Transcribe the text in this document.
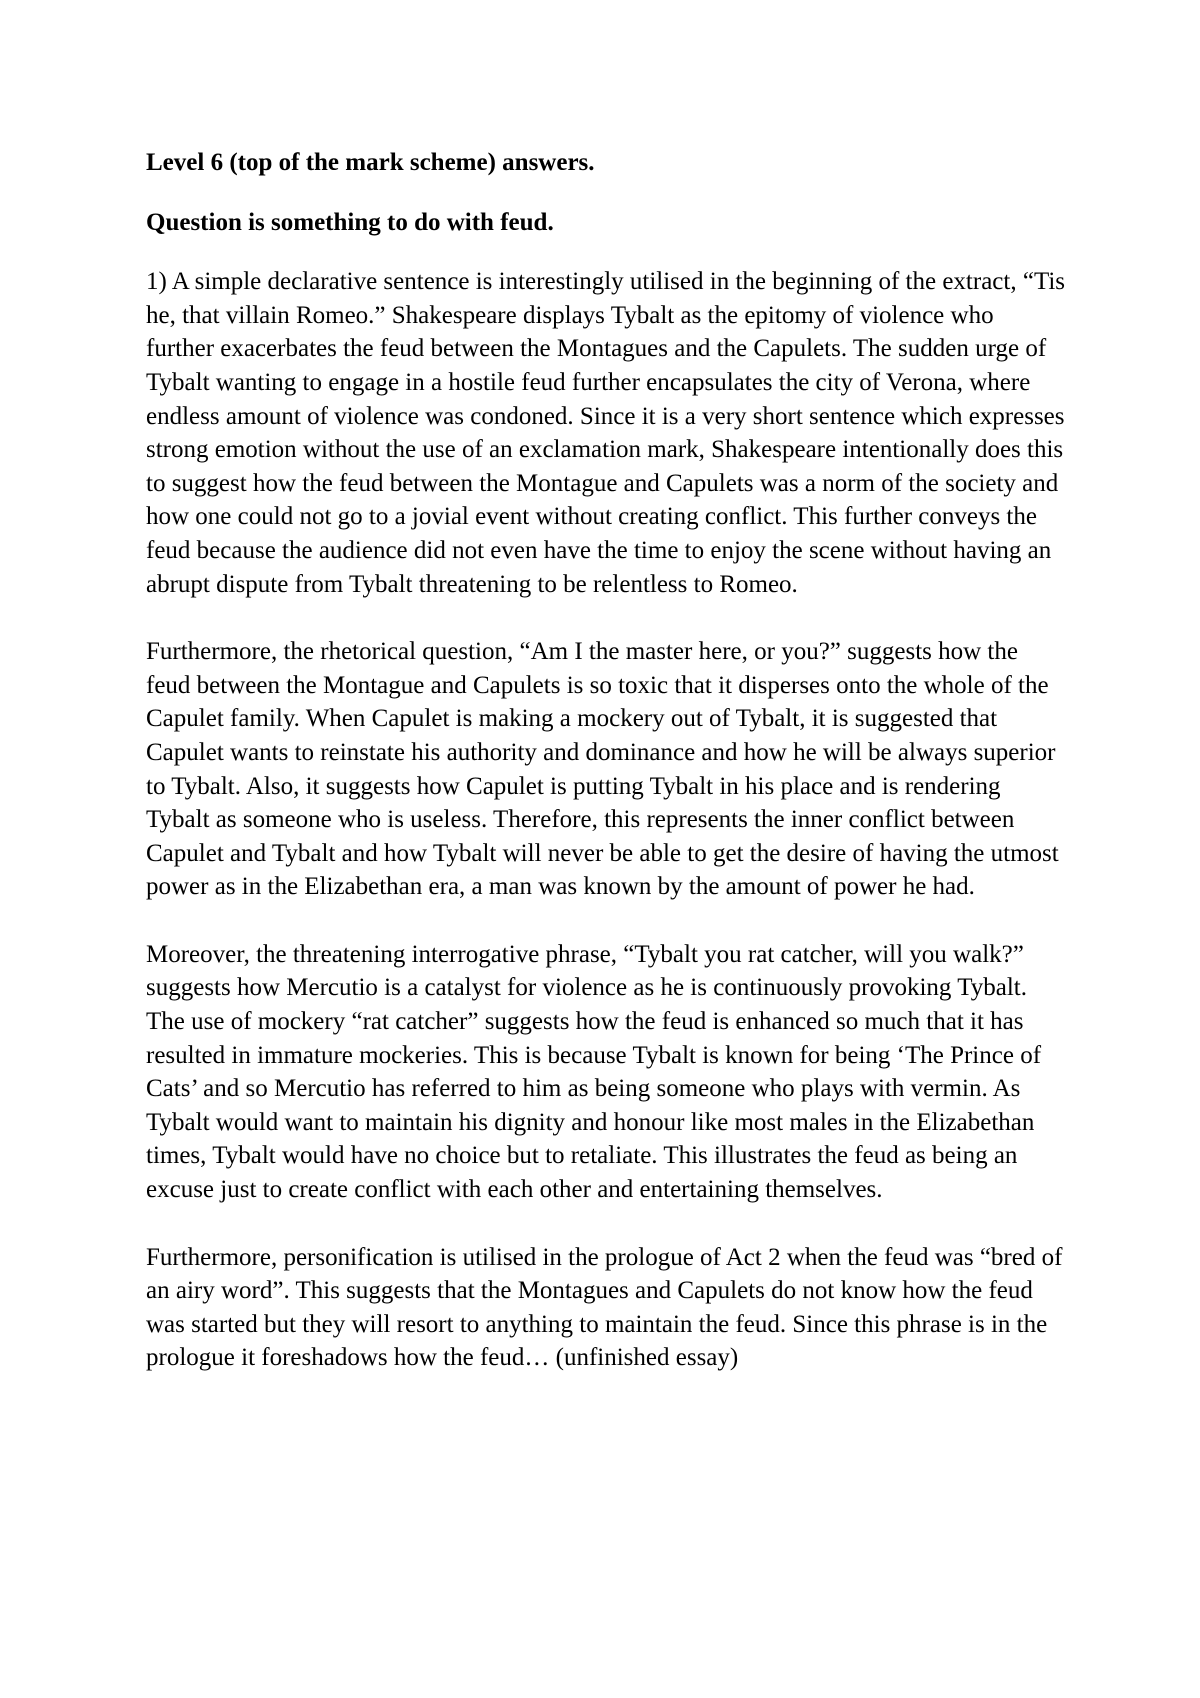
Level 6 (top of the mark scheme) answers.

Question is something to do with feud.

1) A simple declarative sentence is interestingly utilised in the beginning of the extract, “Tis he, that villain Romeo.” Shakespeare displays Tybalt as the epitomy of violence who further exacerbates the feud between the Montagues and the Capulets. The sudden urge of Tybalt wanting to engage in a hostile feud further encapsulates the city of Verona, where endless amount of violence was condoned. Since it is a very short sentence which expresses strong emotion without the use of an exclamation mark, Shakespeare intentionally does this to suggest how the feud between the Montague and Capulets was a norm of the society and how one could not go to a jovial event without creating conflict. This further conveys the feud because the audience did not even have the time to enjoy the scene without having an abrupt dispute from Tybalt threatening to be relentless to Romeo.

Furthermore, the rhetorical question, “Am I the master here, or you?” suggests how the feud between the Montague and Capulets is so toxic that it disperses onto the whole of the Capulet family. When Capulet is making a mockery out of Tybalt, it is suggested that Capulet wants to reinstate his authority and dominance and how he will be always superior to Tybalt. Also, it suggests how Capulet is putting Tybalt in his place and is rendering Tybalt as someone who is useless. Therefore, this represents the inner conflict between Capulet and Tybalt and how Tybalt will never be able to get the desire of having the utmost power as in the Elizabethan era, a man was known by the amount of power he had.

Moreover, the threatening interrogative phrase, “Tybalt you rat catcher, will you walk?” suggests how Mercutio is a catalyst for violence as he is continuously provoking Tybalt. The use of mockery “rat catcher” suggests how the feud is enhanced so much that it has resulted in immature mockeries. This is because Tybalt is known for being ‘The Prince of Cats’ and so Mercutio has referred to him as being someone who plays with vermin. As Tybalt would want to maintain his dignity and honour like most males in the Elizabethan times, Tybalt would have no choice but to retaliate. This illustrates the feud as being an excuse just to create conflict with each other and entertaining themselves.

Furthermore, personification is utilised in the prologue of Act 2 when the feud was “bred of an airy word”. This suggests that the Montagues and Capulets do not know how the feud was started but they will resort to anything to maintain the feud. Since this phrase is in the prologue it foreshadows how the feud… (unfinished essay)
